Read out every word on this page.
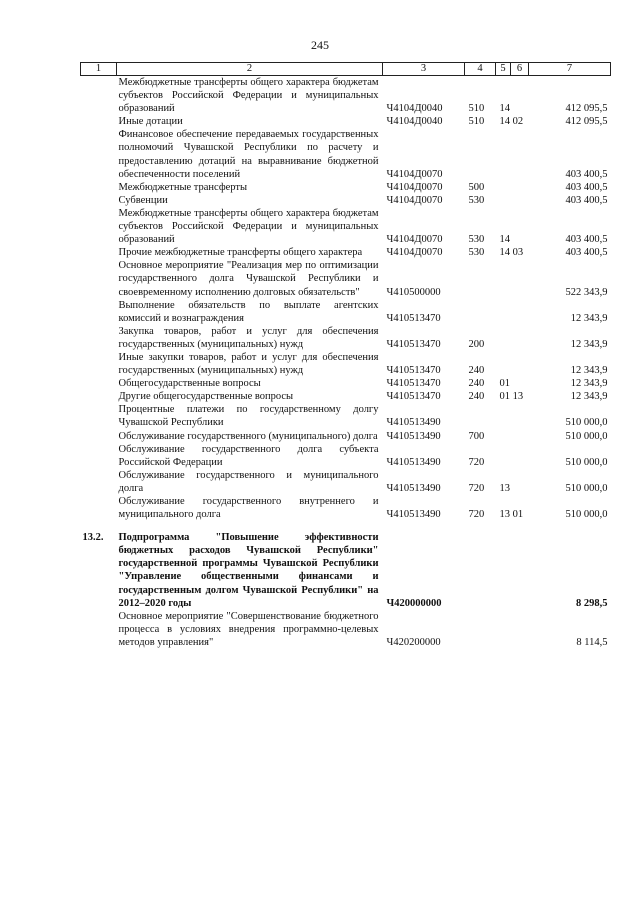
245
1	2	3	4	5	6	7
	Межбюджетные трансферты общего характера бюджетам субъектов Российской Федерации и муниципальных образований	Ч4104Д0040	510	14		412 095,5
	Иные дотации	Ч4104Д0040	510	14 02		412 095,5
	Финансовое обеспечение передаваемых государственных полномочий Чувашской Республики по расчету и предоставлению дотаций на выравнивание бюджетной обеспеченности поселений	Ч4104Д0070				403 400,5
	Межбюджетные трансферты	Ч4104Д0070	500			403 400,5
	Субвенции	Ч4104Д0070	530			403 400,5
	Межбюджетные трансферты общего характера бюджетам субъектов Российской Федерации и муниципальных образований	Ч4104Д0070	530	14		403 400,5
	Прочие межбюджетные трансферты общего характера	Ч4104Д0070	530	14 03		403 400,5
	Основное мероприятие "Реализация мер по оптимизации государственного долга Чувашской Республики и своевременному исполнению долговых обязательств"	Ч410500000				522 343,9
	Выполнение обязательств по выплате агентских комиссий и вознаграждения	Ч410513470				12 343,9
	Закупка товаров, работ и услуг для обеспечения государственных (муниципальных) нужд	Ч410513470	200			12 343,9
	Иные закупки товаров, работ и услуг для обеспечения государственных (муниципальных) нужд	Ч410513470	240			12 343,9
	Общегосударственные вопросы	Ч410513470	240	01		12 343,9
	Другие общегосударственные вопросы	Ч410513470	240	01 13		12 343,9
	Процентные платежи по государственному долгу Чувашской Республики	Ч410513490				510 000,0
	Обслуживание государственного (муниципального) долга	Ч410513490	700			510 000,0
	Обслуживание государственного долга субъекта Российской Федерации	Ч410513490	720			510 000,0
	Обслуживание государственного и муниципального долга	Ч410513490	720	13		510 000,0
	Обслуживание государственного внутреннего и муниципального долга	Ч410513490	720	13 01		510 000,0

13.2.	Подпрограмма "Повышение эффективности бюджетных расходов Чувашской Республики" государственной программы Чувашской Республики "Управление общественными финансами и государственным долгом Чувашской Республики" на 2012–2020 годы	Ч420000000				8 298,5
	Основное мероприятие "Совершенствование бюджетного процесса в условиях внедрения программно-целевых методов управления"	Ч420200000				8 114,5
